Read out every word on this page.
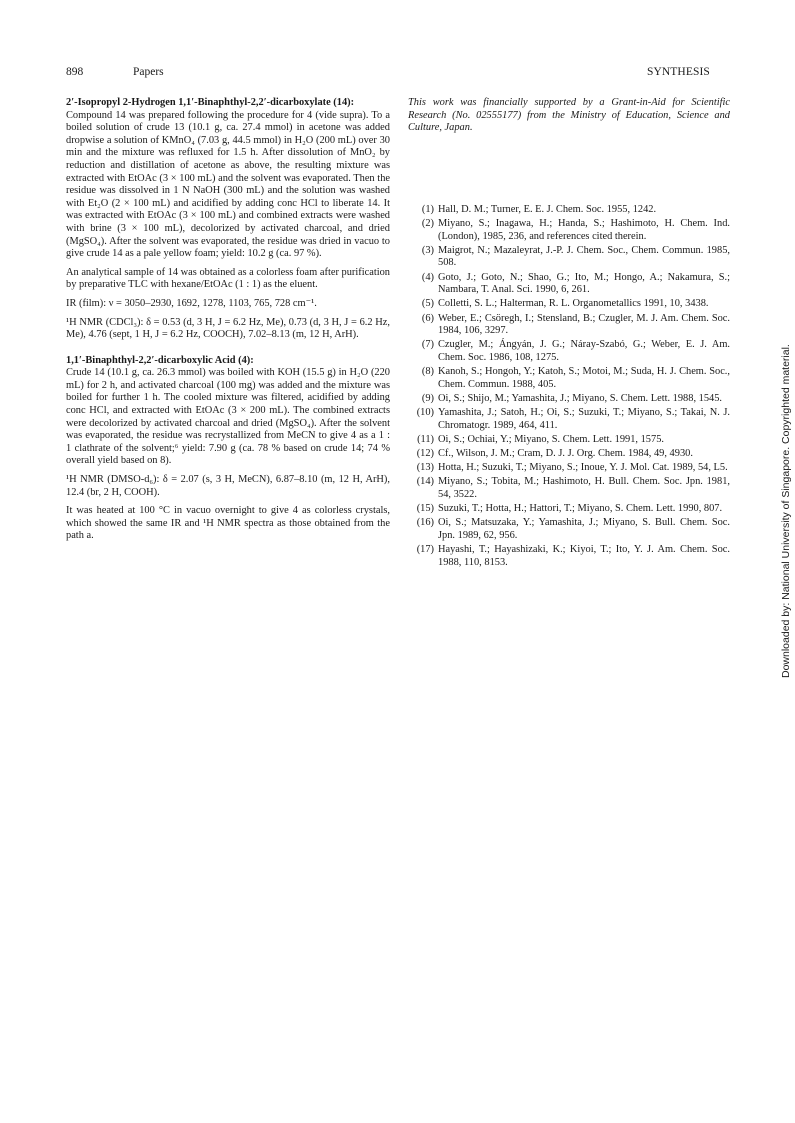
898	Papers	SYNTHESIS

2′-Isopropyl 2-Hydrogen 1,1′-Binaphthyl-2,2′-dicarboxylate (14):
Compound 14 was prepared following the procedure for 4 (vide supra). To a boiled solution of crude 13 (10.1 g, ca. 27.4 mmol) in acetone was added dropwise a solution of KMnO₄ (7.03 g, 44.5 mmol) in H₂O (200 mL) over 30 min and the mixture was refluxed for 1.5 h. After dissolution of MnO₂ by reduction and distillation of acetone as above, the resulting mixture was extracted with EtOAc (3 × 100 mL) and the solvent was evaporated. Then the residue was dissolved in 1 N NaOH (300 mL) and the solution was washed with Et₂O (2 × 100 mL) and acidified by adding conc HCl to liberate 14. It was extracted with EtOAc (3 × 100 mL) and combined extracts were washed with brine (3 × 100 mL), decolorized by activated charcoal, and dried (MgSO₄). After the solvent was evaporated, the residue was dried in vacuo to give crude 14 as a pale yellow foam; yield: 10.2 g (ca. 97 %).

An analytical sample of 14 was obtained as a colorless foam after purification by preparative TLC with hexane/EtOAc (1 : 1) as the eluent.

IR (film): ν = 3050–2930, 1692, 1278, 1103, 765, 728 cm⁻¹.

¹H NMR (CDCl₃): δ = 0.53 (d, 3 H, J = 6.2 Hz, Me), 0.73 (d, 3 H, J = 6.2 Hz, Me), 4.76 (sept, 1 H, J = 6.2 Hz, COOCH), 7.02–8.13 (m, 12 H, ArH).

1,1′-Binaphthyl-2,2′-dicarboxylic Acid (4):
Crude 14 (10.1 g, ca. 26.3 mmol) was boiled with KOH (15.5 g) in H₂O (220 mL) for 2 h, and activated charcoal (100 mg) was added and the mixture was boiled for further 1 h. The cooled mixture was filtered, acidified by adding conc HCl, and extracted with EtOAc (3 × 200 mL). The combined extracts were decolorized by activated charcoal and dried (MgSO₄). After the solvent was evaporated, the residue was recrystallized from MeCN to give 4 as a 1 : 1 clathrate of the solvent;⁶ yield: 7.90 g (ca. 78 % based on crude 14; 74 % overall yield based on 8).

¹H NMR (DMSO-d₆): δ = 2.07 (s, 3 H, MeCN), 6.87–8.10 (m, 12 H, ArH), 12.4 (br, 2 H, COOH).

It was heated at 100 °C in vacuo overnight to give 4 as colorless crystals, which showed the same IR and ¹H NMR spectra as those obtained from the path a.

This work was financially supported by a Grant-in-Aid for Scientific Research (No. 02555177) from the Ministry of Education, Science and Culture, Japan.

(1) Hall, D. M.; Turner, E. E. J. Chem. Soc. 1955, 1242.
(2) Miyano, S.; Inagawa, H.; Handa, S.; Hashimoto, H. Chem. Ind. (London), 1985, 236, and references cited therein.
(3) Maigrot, N.; Mazaleyrat, J.-P. J. Chem. Soc., Chem. Commun. 1985, 508.
(4) Goto, J.; Goto, N.; Shao, G.; Ito, M.; Hongo, A.; Nakamura, S.; Nambara, T. Anal. Sci. 1990, 6, 261.
(5) Colletti, S. L.; Halterman, R. L. Organometallics 1991, 10, 3438.
(6) Weber, E.; Csöregh, I.; Stensland, B.; Czugler, M. J. Am. Chem. Soc. 1984, 106, 3297.
(7) Czugler, M.; Ángyán, J. G.; Náray-Szabó, G.; Weber, E. J. Am. Chem. Soc. 1986, 108, 1275.
(8) Kanoh, S.; Hongoh, Y.; Katoh, S.; Motoi, M.; Suda, H. J. Chem. Soc., Chem. Commun. 1988, 405.
(9) Oi, S.; Shijo, M.; Yamashita, J.; Miyano, S. Chem. Lett. 1988, 1545.
(10) Yamashita, J.; Satoh, H.; Oi, S.; Suzuki, T.; Miyano, S.; Takai, N. J. Chromatogr. 1989, 464, 411.
(11) Oi, S.; Ochiai, Y.; Miyano, S. Chem. Lett. 1991, 1575.
(12) Cf., Wilson, J. M.; Cram, D. J. J. Org. Chem. 1984, 49, 4930.
(13) Hotta, H.; Suzuki, T.; Miyano, S.; Inoue, Y. J. Mol. Cat. 1989, 54, L5.
(14) Miyano, S.; Tobita, M.; Hashimoto, H. Bull. Chem. Soc. Jpn. 1981, 54, 3522.
(15) Suzuki, T.; Hotta, H.; Hattori, T.; Miyano, S. Chem. Lett. 1990, 807.
(16) Oi, S.; Matsuzaka, Y.; Yamashita, J.; Miyano, S. Bull. Chem. Soc. Jpn. 1989, 62, 956.
(17) Hayashi, T.; Hayashizaki, K.; Kiyoi, T.; Ito, Y. J. Am. Chem. Soc. 1988, 110, 8153.	Downloaded by: National University of Singapore. Copyrighted material.
